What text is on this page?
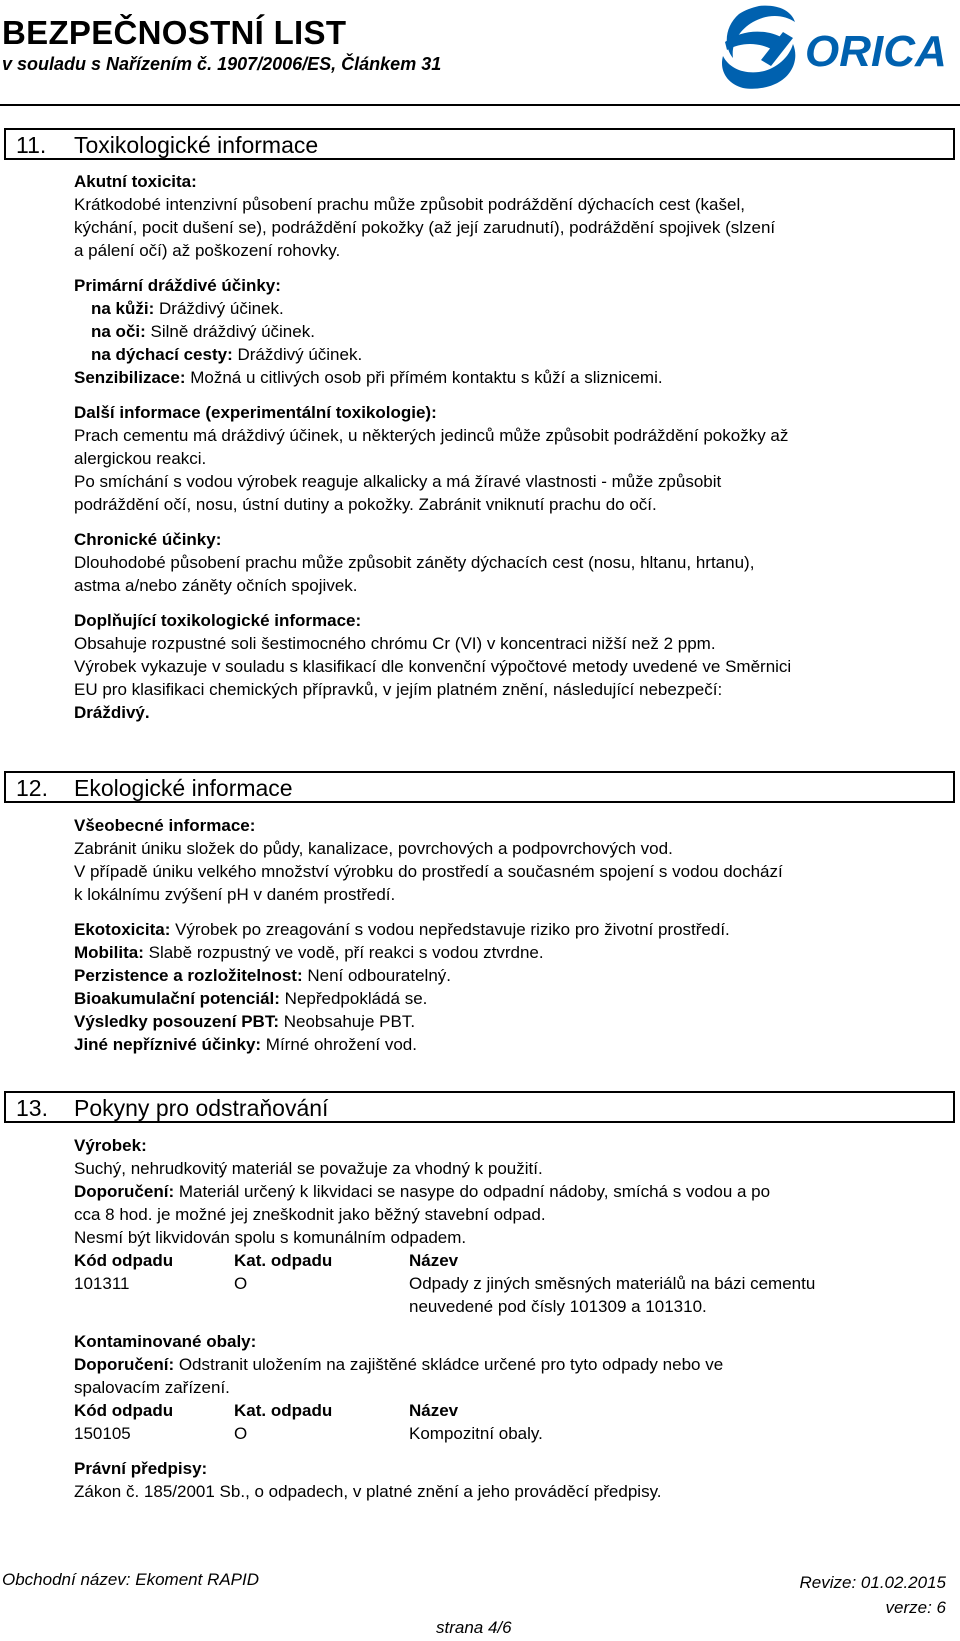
BEZPEČNOSTNÍ LIST
v souladu s Nařízením č. 1907/2006/ES, Článkem 31	ORICA
11. Toxikologické informace

Akutní toxicita:

Krátkodobé intenzivní působení prachu může způsobit podráždění dýchacích cest (kašel,

kýchání, pocit dušení se), podráždění pokožky (až její zarudnutí), podráždění spojivek (slzení

a pálení očí) až poškození rohovky.

Primární dráždivé účinky:

na kůži: Dráždivý účinek.

na oči: Silně dráždivý účinek.

na dýchací cesty: Dráždivý účinek.

Senzibilizace: Možná u citlivých osob při přímém kontaktu s kůží a sliznicemi.

Další informace (experimentální toxikologie):

Prach cementu má dráždivý účinek, u některých jedinců může způsobit podráždění pokožky až

alergickou reakci.

Po smíchání s vodou výrobek reaguje alkalicky a má žíravé vlastnosti - může způsobit

podráždění očí, nosu, ústní dutiny a pokožky. Zabránit vniknutí prachu do očí.

Chronické účinky:

Dlouhodobé působení prachu může způsobit záněty dýchacích cest (nosu, hltanu, hrtanu),

astma a/nebo záněty očních spojivek.

Doplňující toxikologické informace:

Obsahuje rozpustné soli šestimocného chrómu Cr (VI) v koncentraci nižší než 2 ppm.

Výrobek vykazuje v souladu s klasifikací dle konvenční výpočtové metody uvedené ve Směrnici

EU pro klasifikaci chemických přípravků, v jejím platném znění, následující nebezpečí:

Dráždivý.

12. Ekologické informace

Všeobecné informace:

Zabránit úniku složek do půdy, kanalizace, povrchových a podpovrchových vod.

V případě úniku velkého množství výrobku do prostředí a současném spojení s vodou dochází

k lokálnímu zvýšení pH v daném prostředí.

Ekotoxicita: Výrobek po zreagování s vodou nepředstavuje riziko pro životní prostředí.

Mobilita: Slabě rozpustný ve vodě, pří reakci s vodou ztvrdne.

Perzistence a rozložitelnost: Není odbouratelný.

Bioakumulační potenciál: Nepředpokládá se.

Výsledky posouzení PBT: Neobsahuje PBT.

Jiné nepříznivé účinky: Mírné ohrožení vod.

13. Pokyny pro odstraňování

Výrobek:

Suchý, nehrudkovitý materiál se považuje za vhodný k použití.

Doporučení: Materiál určený k likvidaci se nasype do odpadní nádoby, smíchá s vodou a po

cca 8 hod. je možné jej zneškodnit jako běžný stavební odpad.

Nesmí být likvidován spolu s komunálním odpadem.

Kód odpadu	Kat. odpadu	Název
101311	O	Odpady z jiných směsných materiálů na bázi cementu
neuvedené pod čísly 101309 a 101310.

Kontaminované obaly:

Doporučení: Odstranit uložením na zajištěné skládce určené pro tyto odpady nebo ve

spalovacím zařízení.

Kód odpadu	Kat. odpadu	Název
150105	O	Kompozitní obaly.

Právní předpisy:

Zákon č. 185/2001 Sb., o odpadech, v platné znění a jeho prováděcí předpisy.

Obchodní název: Ekoment RAPID	Revize: 01.02.2015
verze: 6
strana 4/6
